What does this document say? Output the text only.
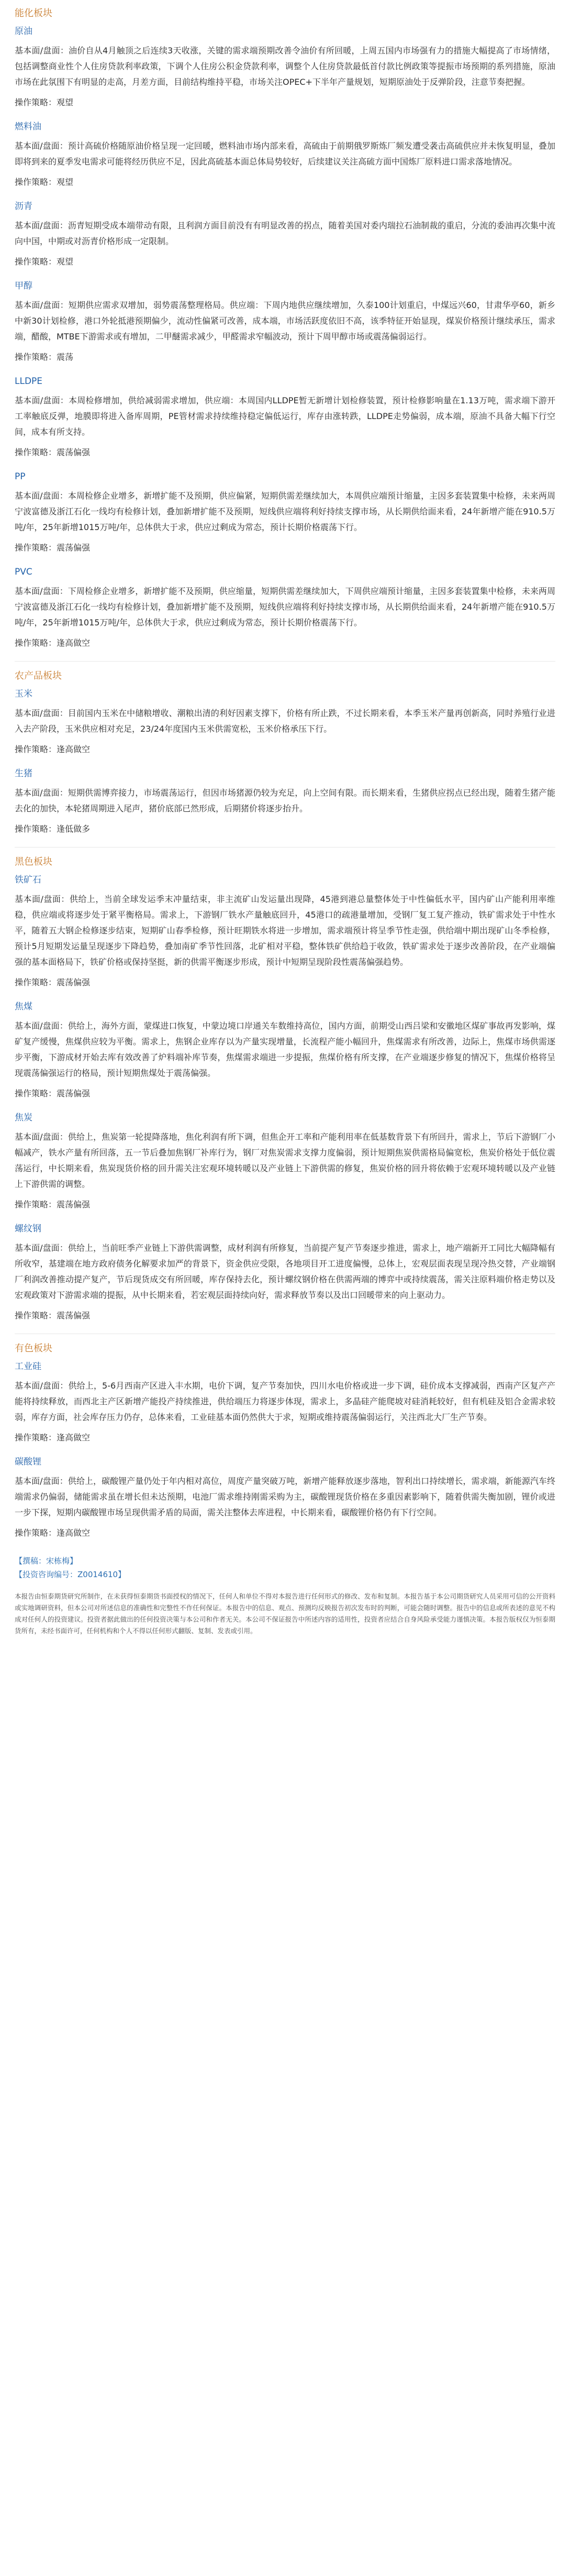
能化板块
原油
基本面/盘面：油价自从4月触顶之后连续3天收涨，关键的需求端预期改善令油价有所回暖，上周五国内市场强有力的措施大幅提高了市场情绪，包括调整商业性个人住房贷款利率政策，下调个人住房公积金贷款利率，调整个人住房贷款最低首付款比例政策等提振市场预期的系列措施，原油市场在此氛围下有明显的走高，月差方面，目前结构维持平稳，市场关注OPEC+下半年产量规划，短期原油处于反弹阶段，注意节奏把握。
操作策略：观望
燃料油
基本面/盘面：预计高硫价格随原油价格呈现一定回暖，燃料油市场内部来看，高硫由于前期俄罗斯炼厂频发遭受袭击高硫供应并未恢复明显，叠加即将到来的夏季发电需求可能将经历供应不足，因此高硫基本面总体局势较好，后续建议关注高硫方面中国炼厂原料进口需求落地情况。
操作策略：观望
沥青
基本面/盘面：沥青短期受成本端带动有限，且利润方面目前没有有明显改善的拐点，随着美国对委内瑞拉石油制裁的重启，分流的委油再次集中流向中国，中期或对沥青价格形成一定限制。
操作策略：观望
甲醇
基本面/盘面：短期供应需求双增加，弱势震荡整理格局。供应端：下周内地供应继续增加，久泰100计划重启，中煤远兴60，甘肃华亭60，新乡中新30计划检修，港口外轮抵港预期偏少，流动性偏紧可改善，成本端，市场活跃度依旧不高，该季特征开始显现，煤炭价格预计继续承压，需求端，醋酸，MTBE下游需求或有增加，二甲醚需求减少，甲醛需求窄幅波动，预计下周甲醇市场或震荡偏弱运行。
操作策略：震荡
LLDPE
基本面/盘面：本周检修增加，供给减弱需求增加，供应端：本周国内LLDPE暂无新增计划检修装置，预计检修影响量在1.13万吨，需求端下游开工率触底反弹，地膜即将进入备库周期，PE管材需求持续维持稳定偏低运行，库存由涨转跌，LLDPE走势偏弱，成本端，原油不具备大幅下行空间，成本有所支持。
操作策略：震荡偏强
PP
基本面/盘面：本周检修企业增多，新增扩能不及预期，供应偏紧，短期供需差继续加大，本周供应端预计缩量，主因多套装置集中检修，未来两周宁波富德及浙江石化一线均有检修计划，叠加新增扩能不及预期，短线供应端将利好持续支撑市场，从长期供给面来看，24年新增产能在910.5万吨/年，25年新增1015万吨/年，总体供大于求，供应过剩成为常态，预计长期价格震荡下行。
操作策略：震荡偏强
PVC
基本面/盘面：下周检修企业增多，新增扩能不及预期，供应缩量，短期供需差继续加大，下周供应端预计缩量，主因多套装置集中检修，未来两周宁波富德及浙江石化一线均有检修计划，叠加新增扩能不及预期，短线供应端将利好持续支撑市场，从长期供给面来看，24年新增产能在910.5万吨/年，25年新增1015万吨/年，总体供大于求，供应过剩成为常态，预计长期价格震荡下行。
操作策略：逢高做空
农产品板块
玉米
基本面/盘面：目前国内玉米在中储粮增收、潮粮出清的利好因素支撑下，价格有所止跌，不过长期来看，本季玉米产量再创新高，同时养殖行业进入去产阶段，玉米供应相对充足，23/24年度国内玉米供需宽松，玉米价格承压下行。
操作策略：逢高做空
生猪
基本面/盘面：短期供需博弈接力，市场震荡运行，但因市场猪源仍较为充足，向上空间有限。而长期来看，生猪供应拐点已经出现，随着生猪产能去化的加快，本轮猪周期进入尾声，猪价底部已然形成，后期猪价将逐步抬升。
操作策略：逢低做多
黑色板块
铁矿石
基本面/盘面：供给上，当前全球发运季末冲量结束，非主流矿山发运量出现降，45港到港总量整体处于中性偏低水平，国内矿山产能利用率维稳，供应端或将逐步处于紧平衡格局。需求上，下游钢厂铁水产量触底回升，45港口的疏港量增加，受钢厂复工复产推动，铁矿需求处于中性水平，随着五大钢企检修逐步结束，短期矿山春季检修，预计旺期铁水将进一步增加，需求端预计将呈季节性走强，供给端中期出现矿山冬季检修，预计5月短期发运量呈现逐步下降趋势，叠加南矿季节性回落，北矿相对平稳，整体铁矿供给趋于收敛，铁矿需求处于逐步改善阶段，在产业端偏强的基本面格局下，铁矿价格或保持坚挺，新的供需平衡逐步形成，预计中短期呈现阶段性震荡偏强趋势。
操作策略：震荡偏强
焦煤
基本面/盘面：供给上，海外方面，蒙煤进口恢复，中蒙边境口岸通关车数维持高位，国内方面，前期受山西吕梁和安徽地区煤矿事故再发影响，煤矿复产缓慢，焦煤供应较为平衡。需求上，焦钢企业库存以为产量实现增量，长流程产能小幅回升，焦煤需求有所改善，边际上，焦煤市场供需逐步平衡，下游成材开始去库有效改善了炉料端补库节奏，焦煤需求端进一步提振，焦煤价格有所支撑，在产业端逐步修复的情况下，焦煤价格将呈现震荡偏强运行的格局，预计短期焦煤处于震荡偏强。
操作策略：震荡偏强
焦炭
基本面/盘面：供给上，焦炭第一轮提降落地，焦化利润有所下调，但焦企开工率和产能利用率在低基数背景下有所回升，需求上，节后下游钢厂小幅减产，铁水产量有所回落，五一节后叠加焦钢厂补库行为，钢厂对焦炭需求支撑力度偏弱，预计短期焦炭供需格局偏宽松，焦炭价格处于低位震荡运行，中长期来看，焦炭现货价格的回升需关注宏观环境转暖以及产业链上下游供需的修复，焦炭价格的回升将依赖于宏观环境转暖以及产业链上下游供需的调整。
操作策略：震荡偏强
螺纹钢
基本面/盘面：供给上，当前旺季产业链上下游供需调整，成材利润有所修复，当前提产复产节奏逐步推进，需求上，地产端新开工同比大幅降幅有所收窄，基建端在地方政府债务化解要求加严的背景下，资金供应受限，各地项目开工进度偏慢，总体上，宏观层面表现呈现冷热交替，产业端钢厂利润改善推动提产复产，节后现货成交有所回暖，库存保持去化，预计螺纹钢价格在供需两端的博弈中或持续震荡，需关注原料端价格走势以及宏观政策对下游需求端的提振，从中长期来看，若宏观层面持续向好，需求释放节奏以及出口回暖带来的向上驱动力。
操作策略：震荡偏强
有色板块
工业硅
基本面/盘面：供给上，5-6月西南产区进入丰水期，电价下调，复产节奏加快，四川水电价格或进一步下调，硅价成本支撑减弱，西南产区复产产能将持续释放，而西北主产区新增产能投产持续推进，供给端压力将逐步体现，需求上，多晶硅产能爬坡对硅消耗较好，但有机硅及铝合金需求较弱，库存方面，社会库存压力仍存，总体来看，工业硅基本面仍然供大于求，短期或维持震荡偏弱运行，关注西北大厂生产节奏。
操作策略：逢高做空
碳酸锂
基本面/盘面：供给上，碳酸锂产量仍处于年内相对高位，周度产量突破万吨，新增产能释放逐步落地，智利出口持续增长，需求端，新能源汽车终端需求仍偏弱，储能需求虽在增长但未达预期，电池厂需求维持刚需采购为主，碳酸锂现货价格在多重因素影响下，随着供需失衡加剧，锂价或进一步下探，短期内碳酸锂市场呈现供需矛盾的局面，需关注整体去库进程，中长期来看，碳酸锂价格仍有下行空间。
操作策略：逢高做空
【撰稿：宋栋梅】
【投资咨询编号：Z0014610】
本报告由恒泰期货研究所制作，在未获得恒泰期货书面授权的情况下，任何人和单位不得对本报告进行任何形式的修改、发布和复制。本报告基于本公司期货研究人员采用可信的公开资料或实地调研资料，但本公司对所述信息的准确性和完整性不作任何保证。本报告中的信息、观点、预测均反映报告初次发布时的判断，可能会随时调整。报告中的信息或所表述的意见不构成对任何人的投资建议。投资者据此做出的任何投资决策与本公司和作者无关。本公司不保证报告中所述内容的适用性，投资者应结合自身风险承受能力谨慎决策。本报告版权仅为恒泰期货所有，未经书面许可，任何机构和个人不得以任何形式翻版、复制、发表或引用。
